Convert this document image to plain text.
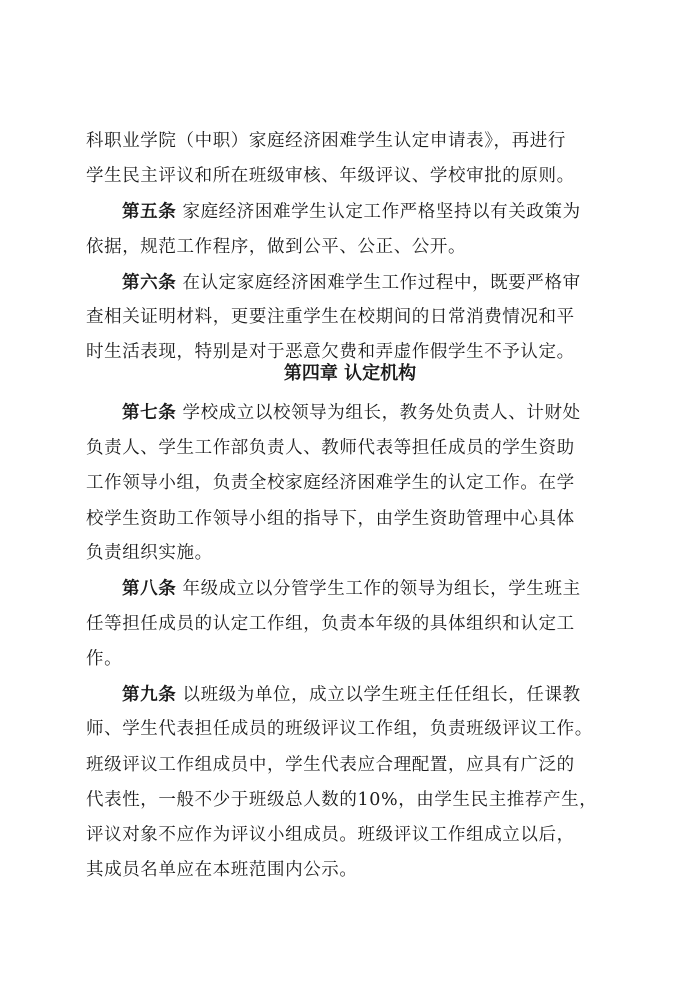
科职业学院（中职）家庭经济困难学生认定申请表》，再进行
学生民主评议和所在班级审核、年级评议、学校审批的原则。
第五条 家庭经济困难学生认定工作严格坚持以有关政策为
依据，规范工作程序，做到公平、公正、公开。
第六条 在认定家庭经济困难学生工作过程中，既要严格审
查相关证明材料，更要注重学生在校期间的日常消费情况和平
时生活表现，特别是对于恶意欠费和弄虚作假学生不予认定。
第四章 认定机构
第七条 学校成立以校领导为组长，教务处负责人、计财处
负责人、学生工作部负责人、教师代表等担任成员的学生资助
工作领导小组，负责全校家庭经济困难学生的认定工作。在学
校学生资助工作领导小组的指导下，由学生资助管理中心具体
负责组织实施。
第八条 年级成立以分管学生工作的领导为组长，学生班主
任等担任成员的认定工作组，负责本年级的具体组织和认定工
作。
第九条 以班级为单位，成立以学生班主任任组长，任课教
师、学生代表担任成员的班级评议工作组，负责班级评议工作。
班级评议工作组成员中，学生代表应合理配置，应具有广泛的
代表性，一般不少于班级总人数的10%，由学生民主推荐产生，
评议对象不应作为评议小组成员。班级评议工作组成立以后，
其成员名单应在本班范围内公示。
